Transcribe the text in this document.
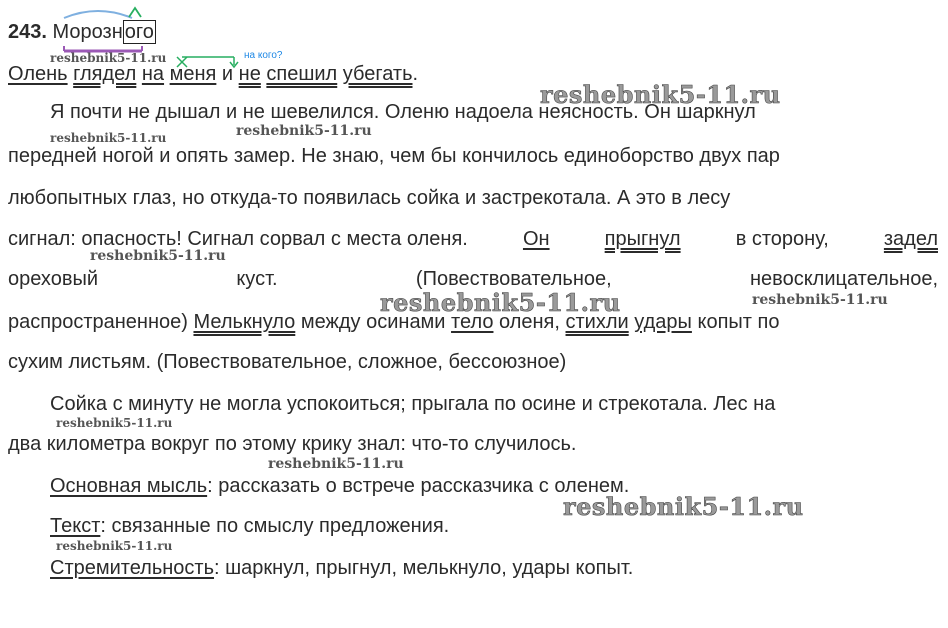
243. Морозн ого
на кого?
Олень глядел на меня и не спешил убегать.
Я почти не дышал и не шевелился. Оленю надоела неясность. Он шаркнул
передней ногой и опять замер. Не знаю, чем бы кончилось единоборство двух пар
любопытных глаз, но откуда-то появилась сойка и застрекотала. А это в лесу
сигнал: опасность! Сигнал сорвал с места оленя.	Он	прыгнул	в сторону,	задел
ореховый	куст.	(Повествовательное,	невосклицательное,
распространенное) Мелькнуло между осинами тело оленя, стихли удары копыт по
сухим листьям. (Повествовательное, сложное, бессоюзное)
Сойка с минуту не могла успокоиться; прыгала по осине и стрекотала. Лес на
два километра вокруг по этому крику знал: что-то случилось.
Основная мысль: рассказать о встрече рассказчика с оленем.
Текст: связанные по смыслу предложения.
Стремительность: шаркнул, прыгнул, мелькнуло, удары копыт.
reshebnik5-11.ru
reshebnik5-11.ru
reshebnik5-11.ru	reshebnik5-11.ru
reshebnik5-11.ru
reshebnik5-11.ru	reshebnik5-11.ru
reshebnik5-11.ru
reshebnik5-11.ru
reshebnik5-11.ru
reshebnik5-11.ru
